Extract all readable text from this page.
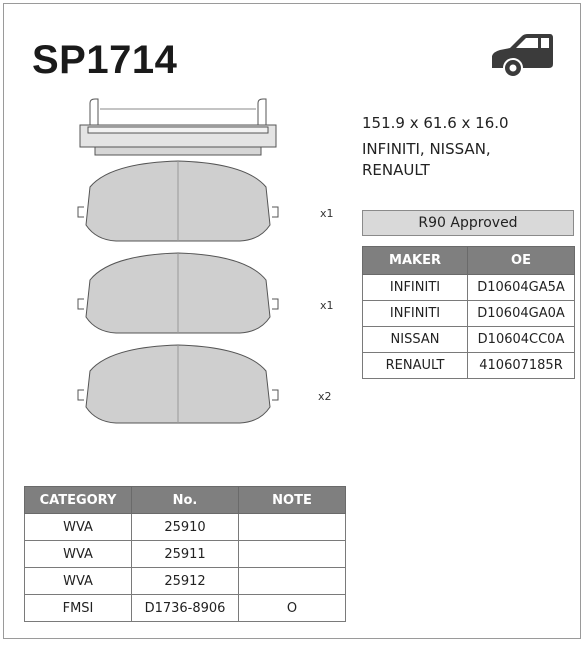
SP1714
x1
x1
x2
151.9 x 61.6 x 16.0
INFINITI, NISSAN,
RENAULT
R90 Approved
MAKER	OE
INFINITI	D10604GA5A
INFINITI	D10604GA0A
NISSAN	D10604CC0A
RENAULT	410607185R
CATEGORY	No.	NOTE
WVA	25910	
WVA	25911	
WVA	25912	
FMSI	D1736-8906	O
